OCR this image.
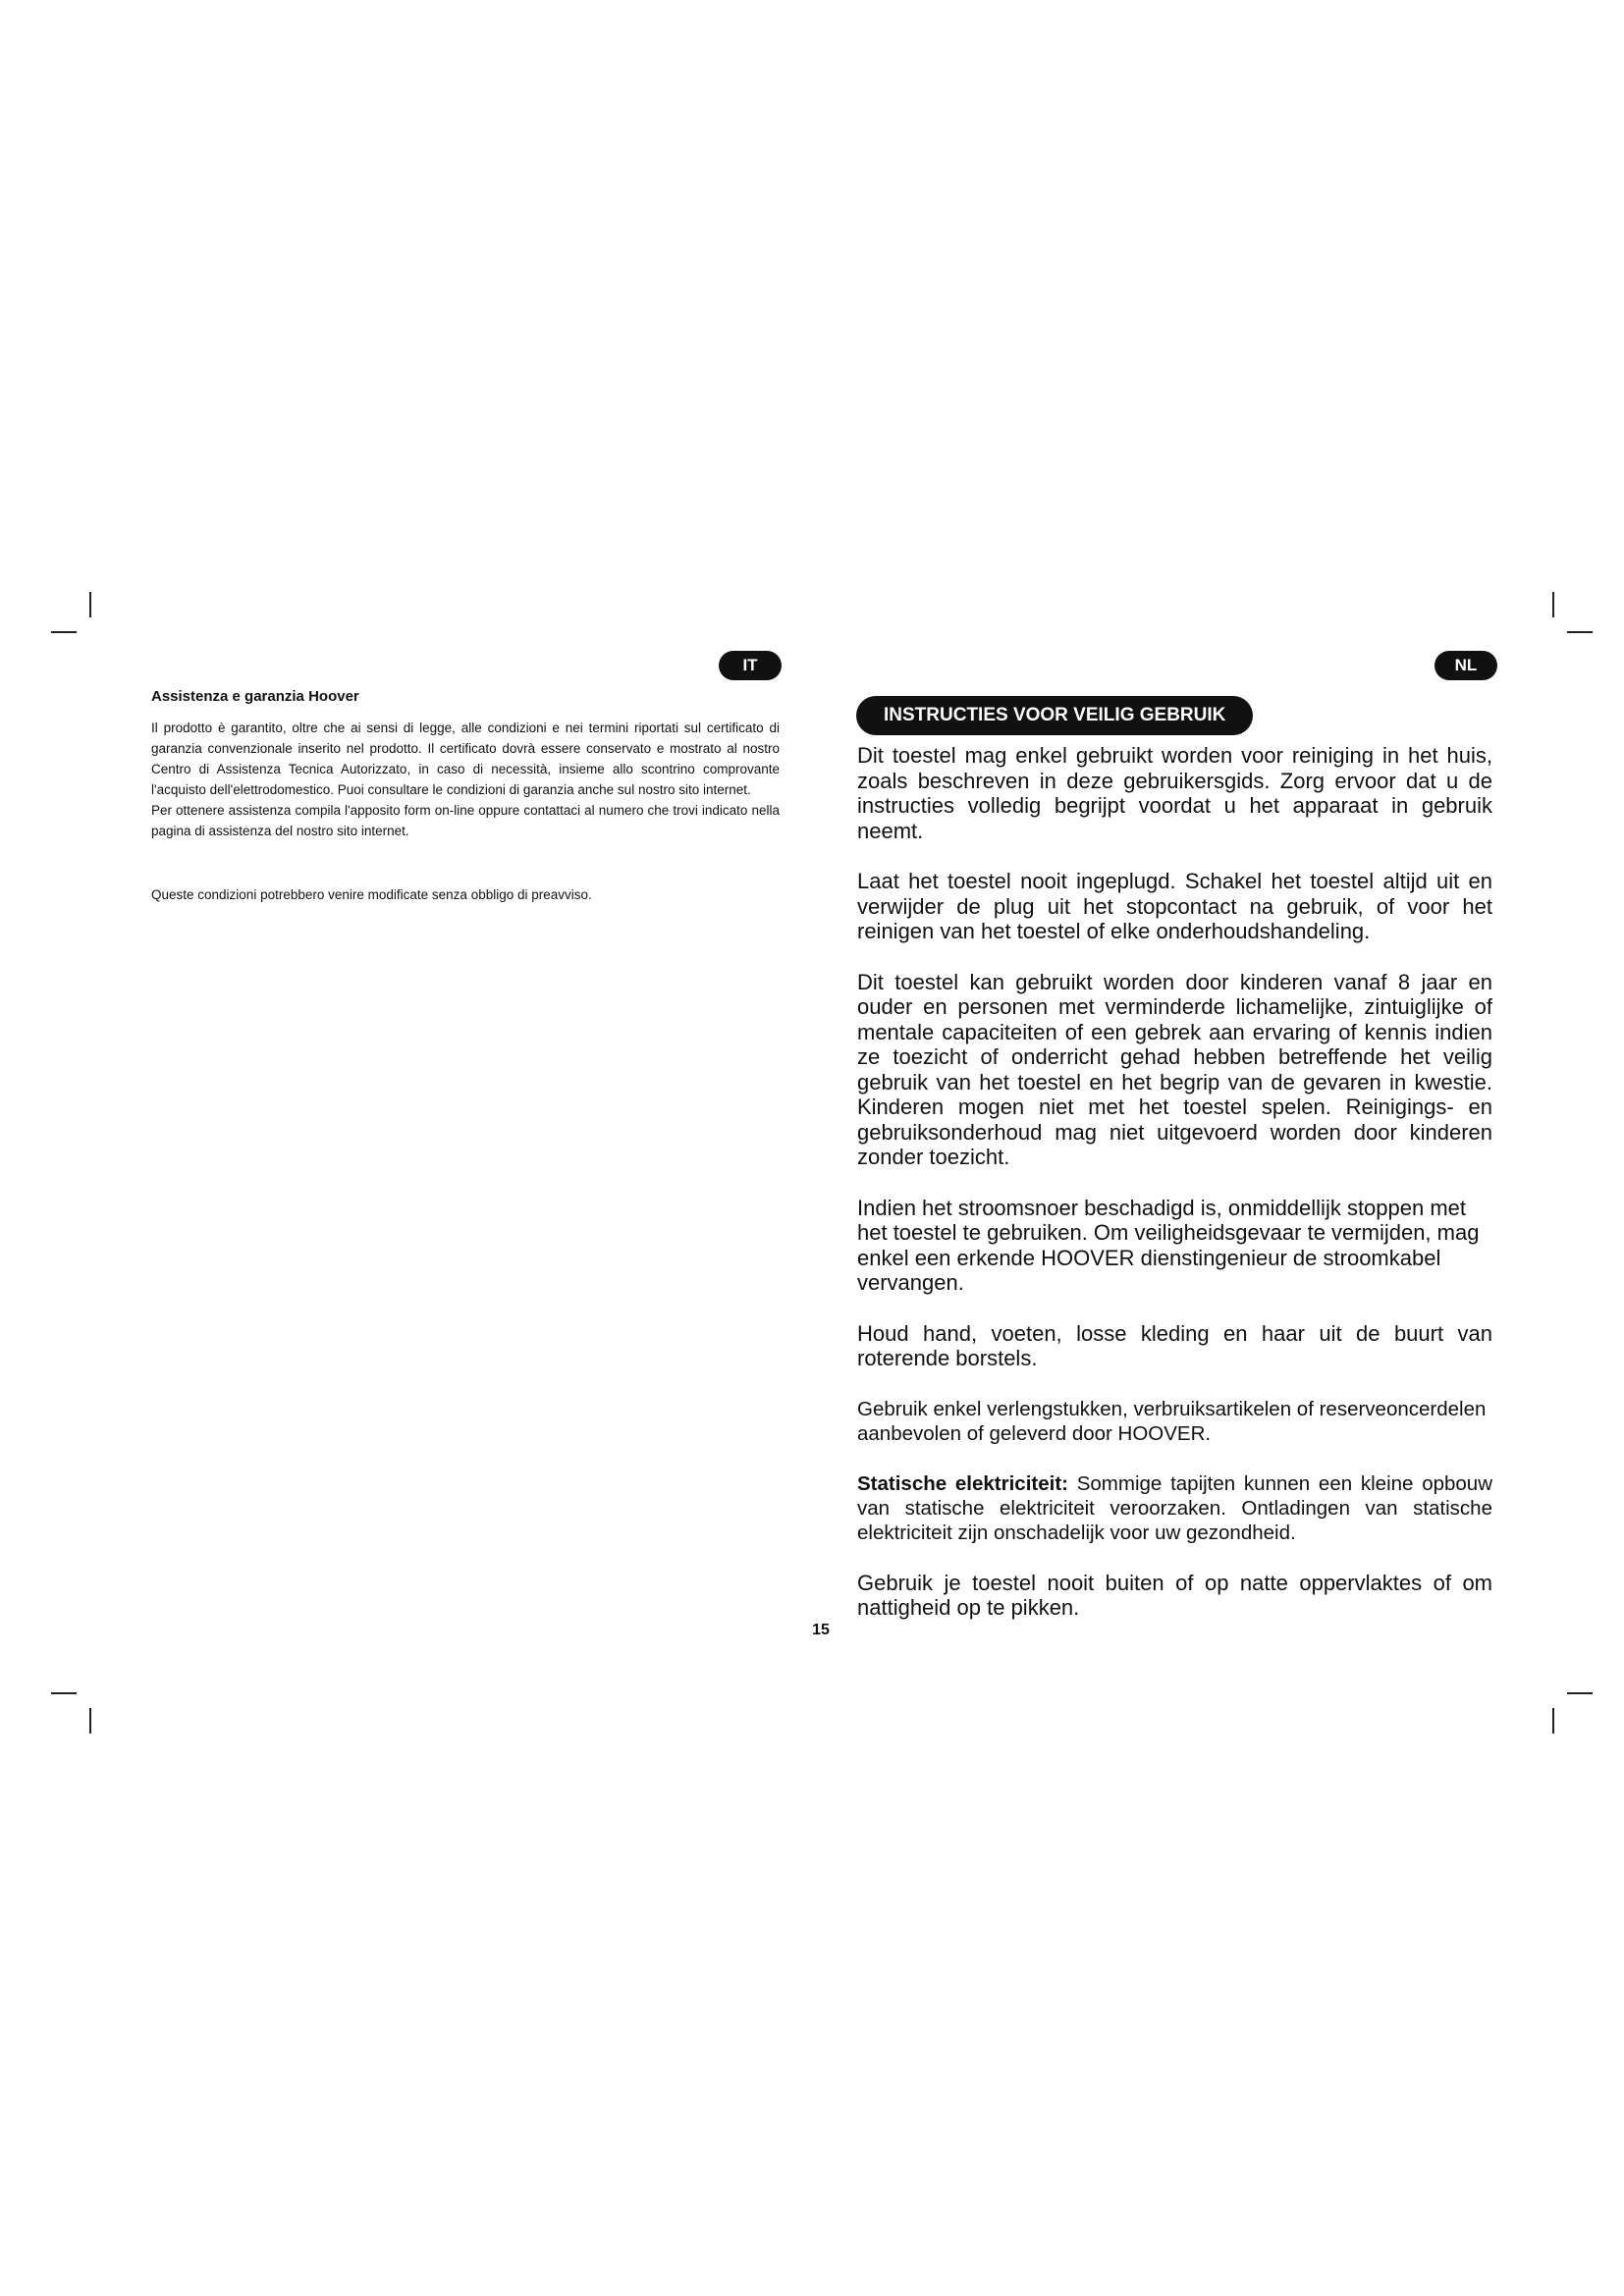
IT
Assistenza e garanzia Hoover

Il prodotto è garantito, oltre che ai sensi di legge, alle condizioni e nei termini riportati sul certificato di garanzia convenzionale inserito nel prodotto. Il certificato dovrà essere conservato e mostrato al nostro Centro di Assistenza Tecnica Autorizzato, in caso di necessità, insieme allo scontrino comprovante l'acquisto dell'elettrodomestico. Puoi consultare le condizioni di garanzia anche sul nostro sito internet.

Per ottenere assistenza compila l'apposito form on-line oppure contattaci al numero che trovi indicato nella pagina di assistenza del nostro sito internet.

Queste condizioni potrebbero venire modificate senza obbligo di preavviso.

NL
INSTRUCTIES VOOR VEILIG GEBRUIK

Dit toestel mag enkel gebruikt worden voor reiniging in het huis, zoals beschreven in deze gebruikersgids. Zorg ervoor dat u de instructies volledig begrijpt voordat u het apparaat in gebruik neemt.

Laat het toestel nooit ingeplugd. Schakel het toestel altijd uit en verwijder de plug uit het stopcontact na gebruik, of voor het reinigen van het toestel of elke onderhoudshandeling.

Dit toestel kan gebruikt worden door kinderen vanaf 8 jaar en ouder en personen met verminderde lichamelijke, zintuiglijke of mentale capaciteiten of een gebrek aan ervaring of kennis indien ze toezicht of onderricht gehad hebben betreffende het veilig gebruik van het toestel en het begrip van de gevaren in kwestie. Kinderen mogen niet met het toestel spelen. Reinigings- en gebruiksonderhoud mag niet uitgevoerd worden door kinderen zonder toezicht.

Indien het stroomsnoer beschadigd is, onmiddellijk stoppen met het toestel te gebruiken. Om veiligheidsgevaar te vermijden, mag enkel een erkende HOOVER dienstingenieur de stroomkabel vervangen.

Houd hand, voeten, losse kleding en haar uit de buurt van roterende borstels.

Gebruik enkel verlengstukken, verbruiksartikelen of reserveoncerdelen aanbevolen of geleverd door HOOVER.

Statische elektriciteit: Sommige tapijten kunnen een kleine opbouw van statische elektriciteit veroorzaken. Ontladingen van statische elektriciteit zijn onschadelijk voor uw gezondheid.

Gebruik je toestel nooit buiten of op natte oppervlaktes of om nattigheid op te pikken.

15
